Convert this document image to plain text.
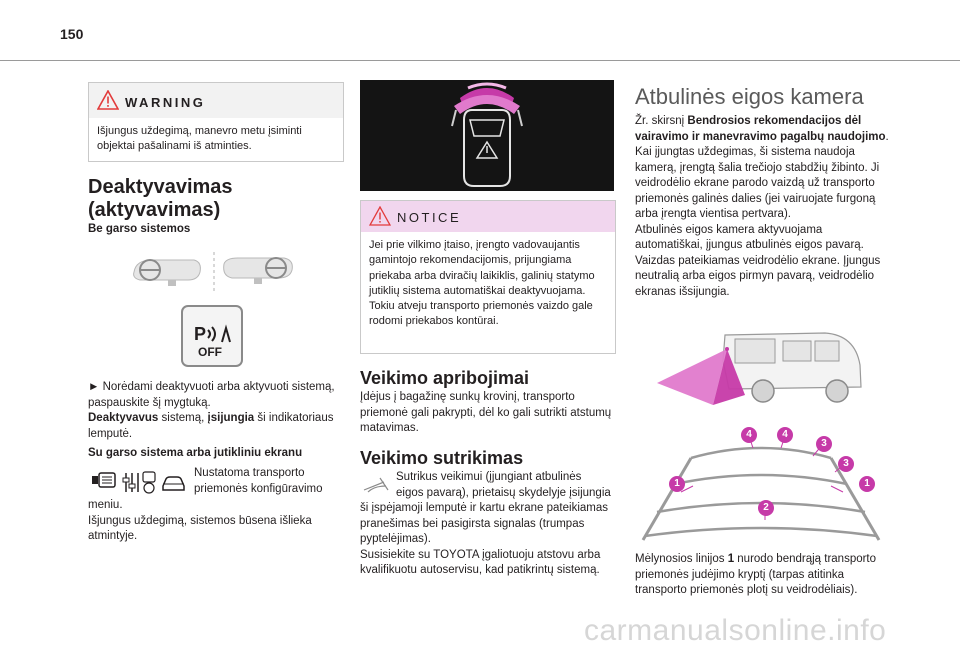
150
WARNING
Išjungus uždegimą, manevro metu įsiminti objektai pašalinami iš atminties.
Deaktyvavimas
(aktyvavimas)
Be garso sistemos
P
OFF
► Norėdami deaktyvuoti arba aktyvuoti sistemą, paspauskite šį mygtuką.
Deaktyvavus sistemą, įsijungia ši indikatoriaus lemputė.
Su garso sistema arba jutikliniu ekranu
Nustatoma transporto
priemonės konfigūravimo
meniu.
Išjungus uždegimą, sistemos būsena išlieka
atmintyje.
NOTICE
Jei prie vilkimo įtaiso, įrengto vadovaujantis gamintojo rekomendacijomis, prijungiama priekaba arba dviračių laikiklis, galinių statymo jutiklių sistema automatiškai deaktyvuojama.
Tokiu atveju transporto priemonės vaizdo gale rodomi priekabos kontūrai.
Veikimo apribojimai
Įdėjus į bagažinę sunkų krovinį, transporto priemonė gali pakrypti, dėl ko gali sutrikti atstumų matavimas.
Veikimo sutrikimas
Sutrikus veikimui (įjungiant atbulinės
eigos pavarą), prietaisų skydelyje įsijungia
ši įspėjamoji lemputė ir kartu ekrane pateikiamas pranešimas bei pasigirsta signalas (trumpas pyptelėjimas).
Susisiekite su TOYOTA įgaliotuoju atstovu arba kvalifikuotu autoservisu, kad patikrintų sistemą.
Atbulinės eigos kamera
Žr. skirsnį Bendrosios rekomendacijos dėl vairavimo ir manevravimo pagalbų naudojimo.
Kai įjungtas uždegimas, ši sistema naudoja kamerą, įrengtą šalia trečiojo stabdžių žibinto. Ji veidrodėlio ekrane parodo vaizdą už transporto priemonės galinės dalies (jei vairuojate furgoną arba įrengta vientisa pertvara).
Atbulinės eigos kamera aktyvuojama automatiškai, įjungus atbulinės eigos pavarą.
Vaizdas pateikiamas veidrodėlio ekrane. Įjungus neutralią arba eigos pirmyn pavarą, veidrodėlio ekranas išsijungia.
1	1
2
3
3
4	4
Mėlynosios linijos 1 nurodo bendrąją transporto priemonės judėjimo kryptį (tarpas atitinka transporto priemonės plotį su veidrodėliais).
carmanualsonline.info
